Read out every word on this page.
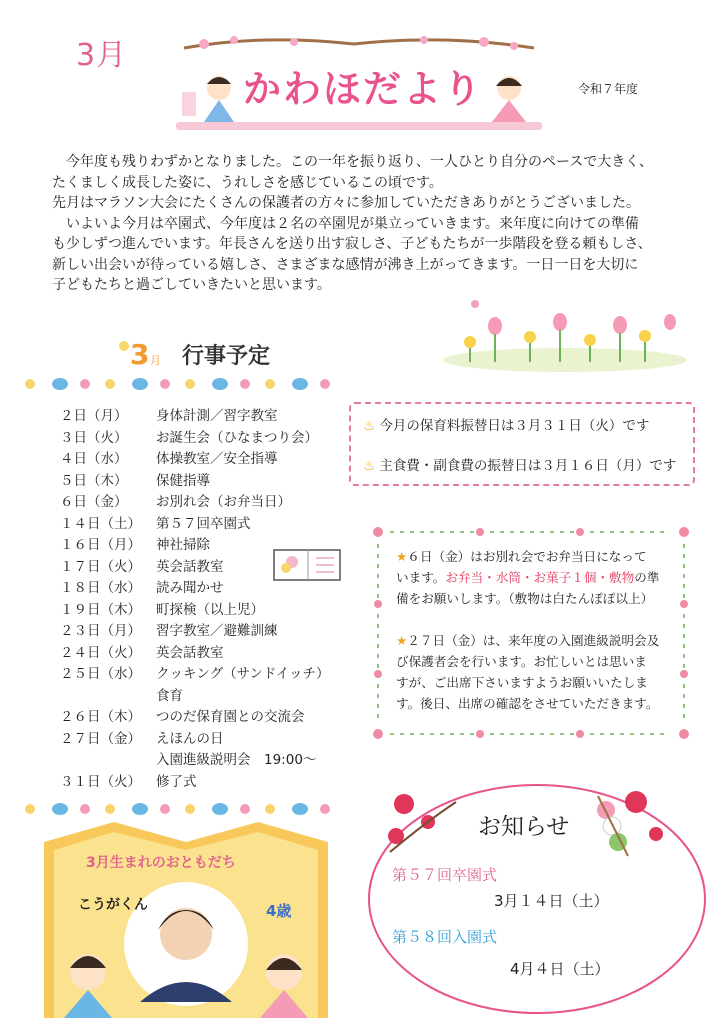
3月
かわほだより	令和７年度

　今年度も残りわずかとなりました。この一年を振り返り、一人ひとり自分のペースで大きく、

たくましく成長した姿に、うれしさを感じているこの頃です。

先月はマラソン大会にたくさんの保護者の方々に参加していただきありがとうございました。

　いよいよ今月は卒園式、今年度は２名の卒園児が巣立っていきます。来年度に向けての準備

も少しずつ進んでいます。年長さんを送り出す寂しさ、子どもたちが一歩階段を登る頼もしさ、

新しい出会いが待っている嬉しさ、さまざまな感情が沸き上がってきます。一日一日を大切に

子どもたちと過ごしていきたいと思います。

3 月 行事予定
２日（月） 身体計測／習字教室
３日（火） お誕生会（ひなまつり会）
４日（水） 体操教室／安全指導
５日（木） 保健指導
６日（金） お別れ会（お弁当日）
１４日（土） 第５７回卒園式
１６日（月） 神社掃除
１７日（火） 英会話教室
１８日（水） 読み聞かせ
１９日（木） 町探検（以上児）
２３日（月） 習字教室／避難訓練
２４日（火） 英会話教室
２５日（水） クッキング（サンドイッチ）
食育
２６日（木） つのだ保育園との交流会
２７日（金） えほんの日
入園進級説明会　19:00～
３１日（火） 修了式
♨ 今月の保育料振替日は３月３１日（火）です
♨ 主食費・副食費の振替日は３月１６日（月）です

★６日（金）はお別れ会でお弁当日になって

います。お弁当・水筒・お菓子１個・敷物の準

備をお願いします。（敷物は白たんぽぽ以上）

★２７日（金）は、来年度の入園進級説明会及

び保護者会を行います。お忙しいとは思いま

すが、ご出席下さいますようお願いいたしま

す。後日、出席の確認をさせていただきます。

3月生まれのおともだち
こうがくん	4歳
お知らせ
第５７回卒園式
3月１４日（土）
第５８回入園式
4月４日（土）
